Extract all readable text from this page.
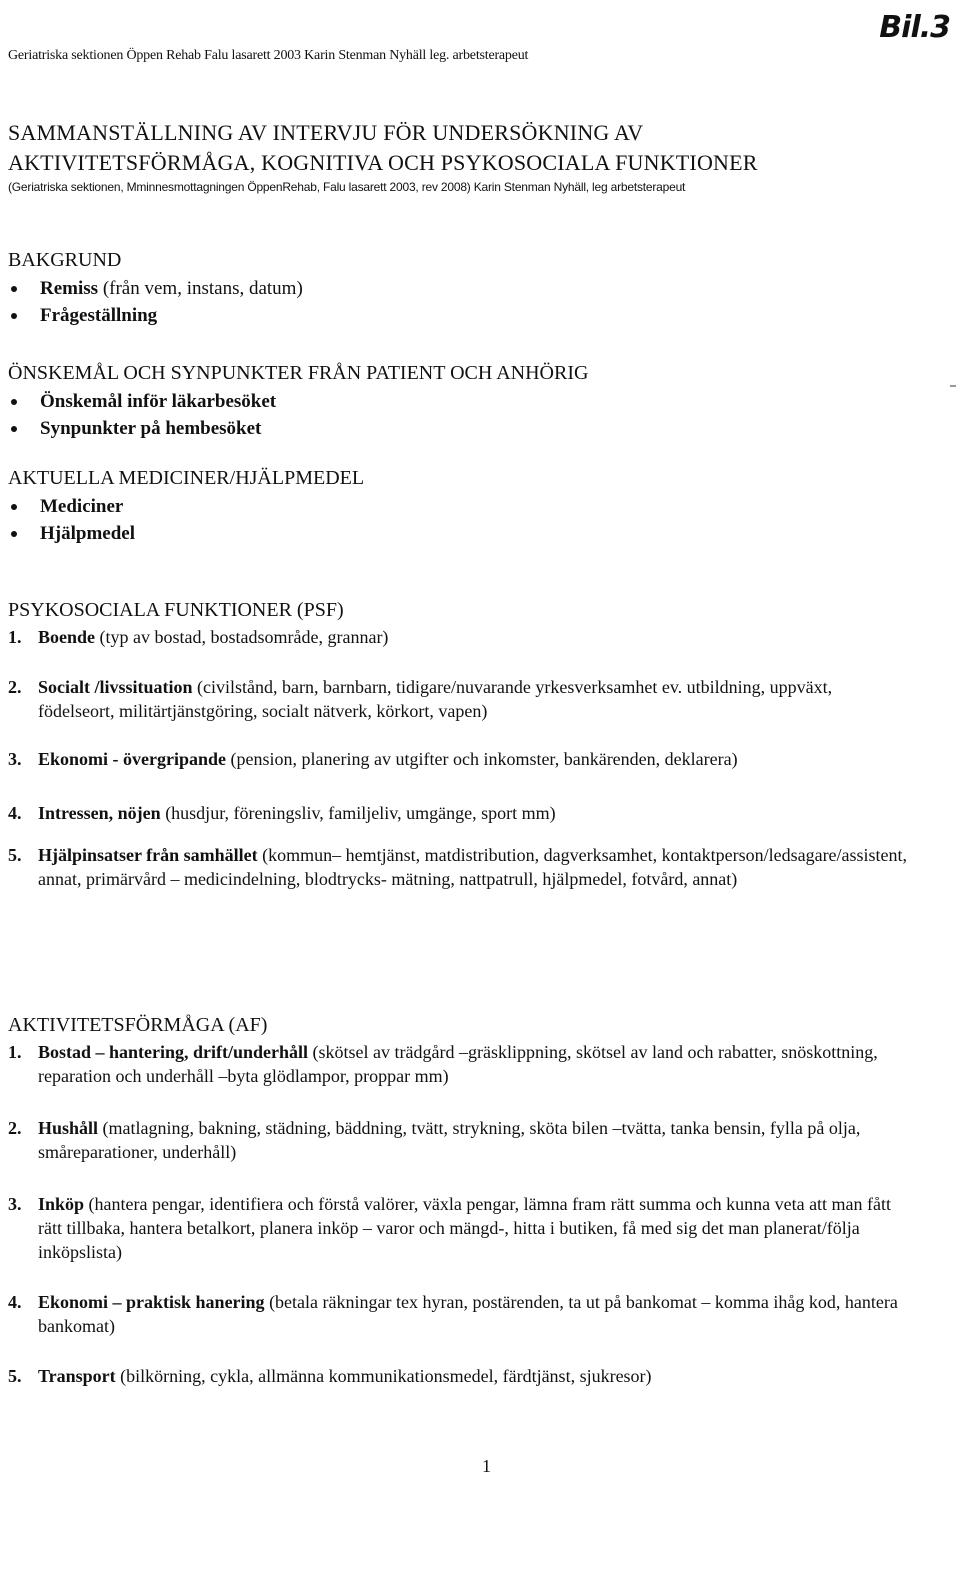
Geriatriska sektionen Öppen Rehab Falu lasarett 2003 Karin Stenman Nyhäll leg. arbetsterapeut
Bil.3
SAMMANSTÄLLNING AV INTERVJU FÖR UNDERSÖKNING AV
AKTIVITETSFÖRMÅGA, KOGNITIVA OCH PSYKOSOCIALA FUNKTIONER
(Geriatriska sektionen, Mminnesmottagningen ÖppenRehab, Falu lasarett 2003, rev 2008) Karin Stenman Nyhäll, leg arbetsterapeut
BAKGRUND
Remiss (från vem, instans, datum)
Frågeställning
ÖNSKEMÅL OCH SYNPUNKTER FRÅN PATIENT OCH ANHÖRIG
Önskemål inför läkarbesöket
Synpunkter på hembesöket
AKTUELLA MEDICINER/HJÄLPMEDEL
Mediciner
Hjälpmedel
PSYKOSOCIALA FUNKTIONER (PSF)
1. Boende (typ av bostad, bostadsområde, grannar)
2. Socialt /livssituation (civilstånd, barn, barnbarn, tidigare/nuvarande yrkesverksamhet ev. utbildning, uppväxt, födelseort, militärtjänstgöring, socialt nätverk, körkort, vapen)
3. Ekonomi - övergripande (pension, planering av utgifter och inkomster, bankärenden, deklarera)
4. Intressen, nöjen (husdjur, föreningsliv, familjeliv, umgänge, sport mm)
5. Hjälpinsatser från samhället (kommun– hemtjänst, matdistribution, dagverksamhet, kontaktperson/ledsagare/assistent, annat, primärvård – medicindelning, blodtrycks- mätning, nattpatrull, hjälpmedel, fotvård, annat)
AKTIVITETSFÖRMÅGA (AF)
1. Bostad – hantering, drift/underhåll (skötsel av trädgård –gräsklippning, skötsel av land och rabatter, snöskottning, reparation och underhåll –byta glödlampor, proppar mm)
2. Hushåll (matlagning, bakning, städning, bäddning, tvätt, strykning, sköta bilen –tvätta, tanka bensin, fylla på olja, småreparationer, underhåll)
3. Inköp (hantera pengar, identifiera och förstå valörer, växla pengar, lämna fram rätt summa och kunna veta att man fått rätt tillbaka, hantera betalkort, planera inköp – varor och mängd-, hitta i butiken, få med sig det man planerat/följa inköpslista)
4. Ekonomi – praktisk hanering (betala räkningar tex hyran, postärenden, ta ut på bankomat – komma ihåg kod, hantera bankomat)
5. Transport (bilkörning, cykla, allmänna kommunikationsmedel, färdtjänst, sjukresor)
1
